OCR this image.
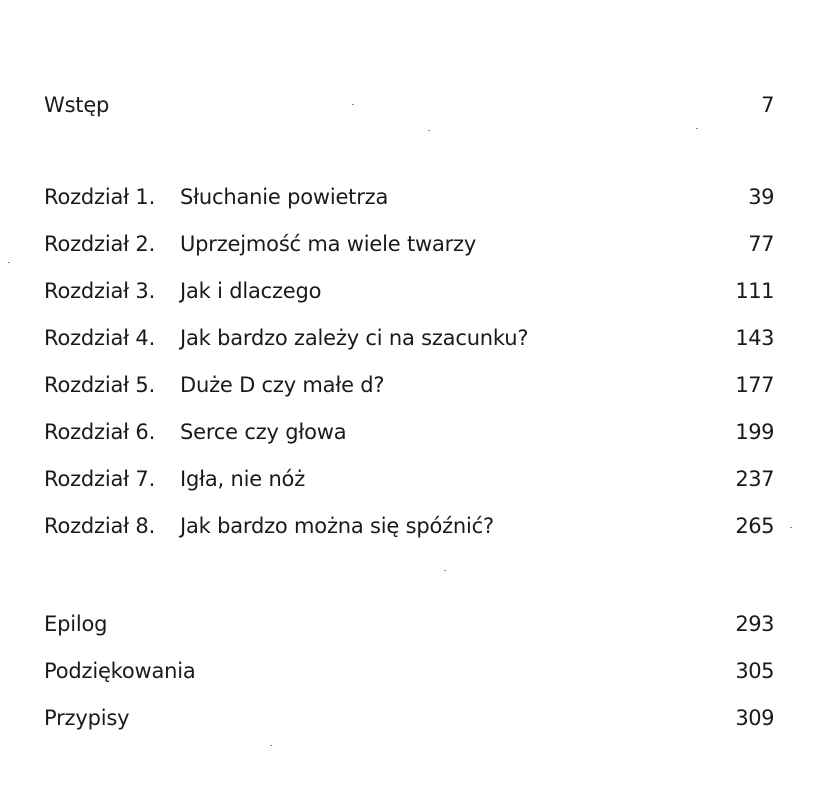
Wstęp	7
Rozdział 1. Słuchanie powietrza	39
Rozdział 2. Uprzejmość ma wiele twarzy	77
Rozdział 3. Jak i dlaczego	111
Rozdział 4. Jak bardzo zależy ci na szacunku?	143
Rozdział 5. Duże D czy małe d?	177
Rozdział 6. Serce czy głowa	199
Rozdział 7. Igła, nie nóż	237
Rozdział 8. Jak bardzo można się spóźnić?	265
Epilog	293
Podziękowania	305
Przypisy	309
